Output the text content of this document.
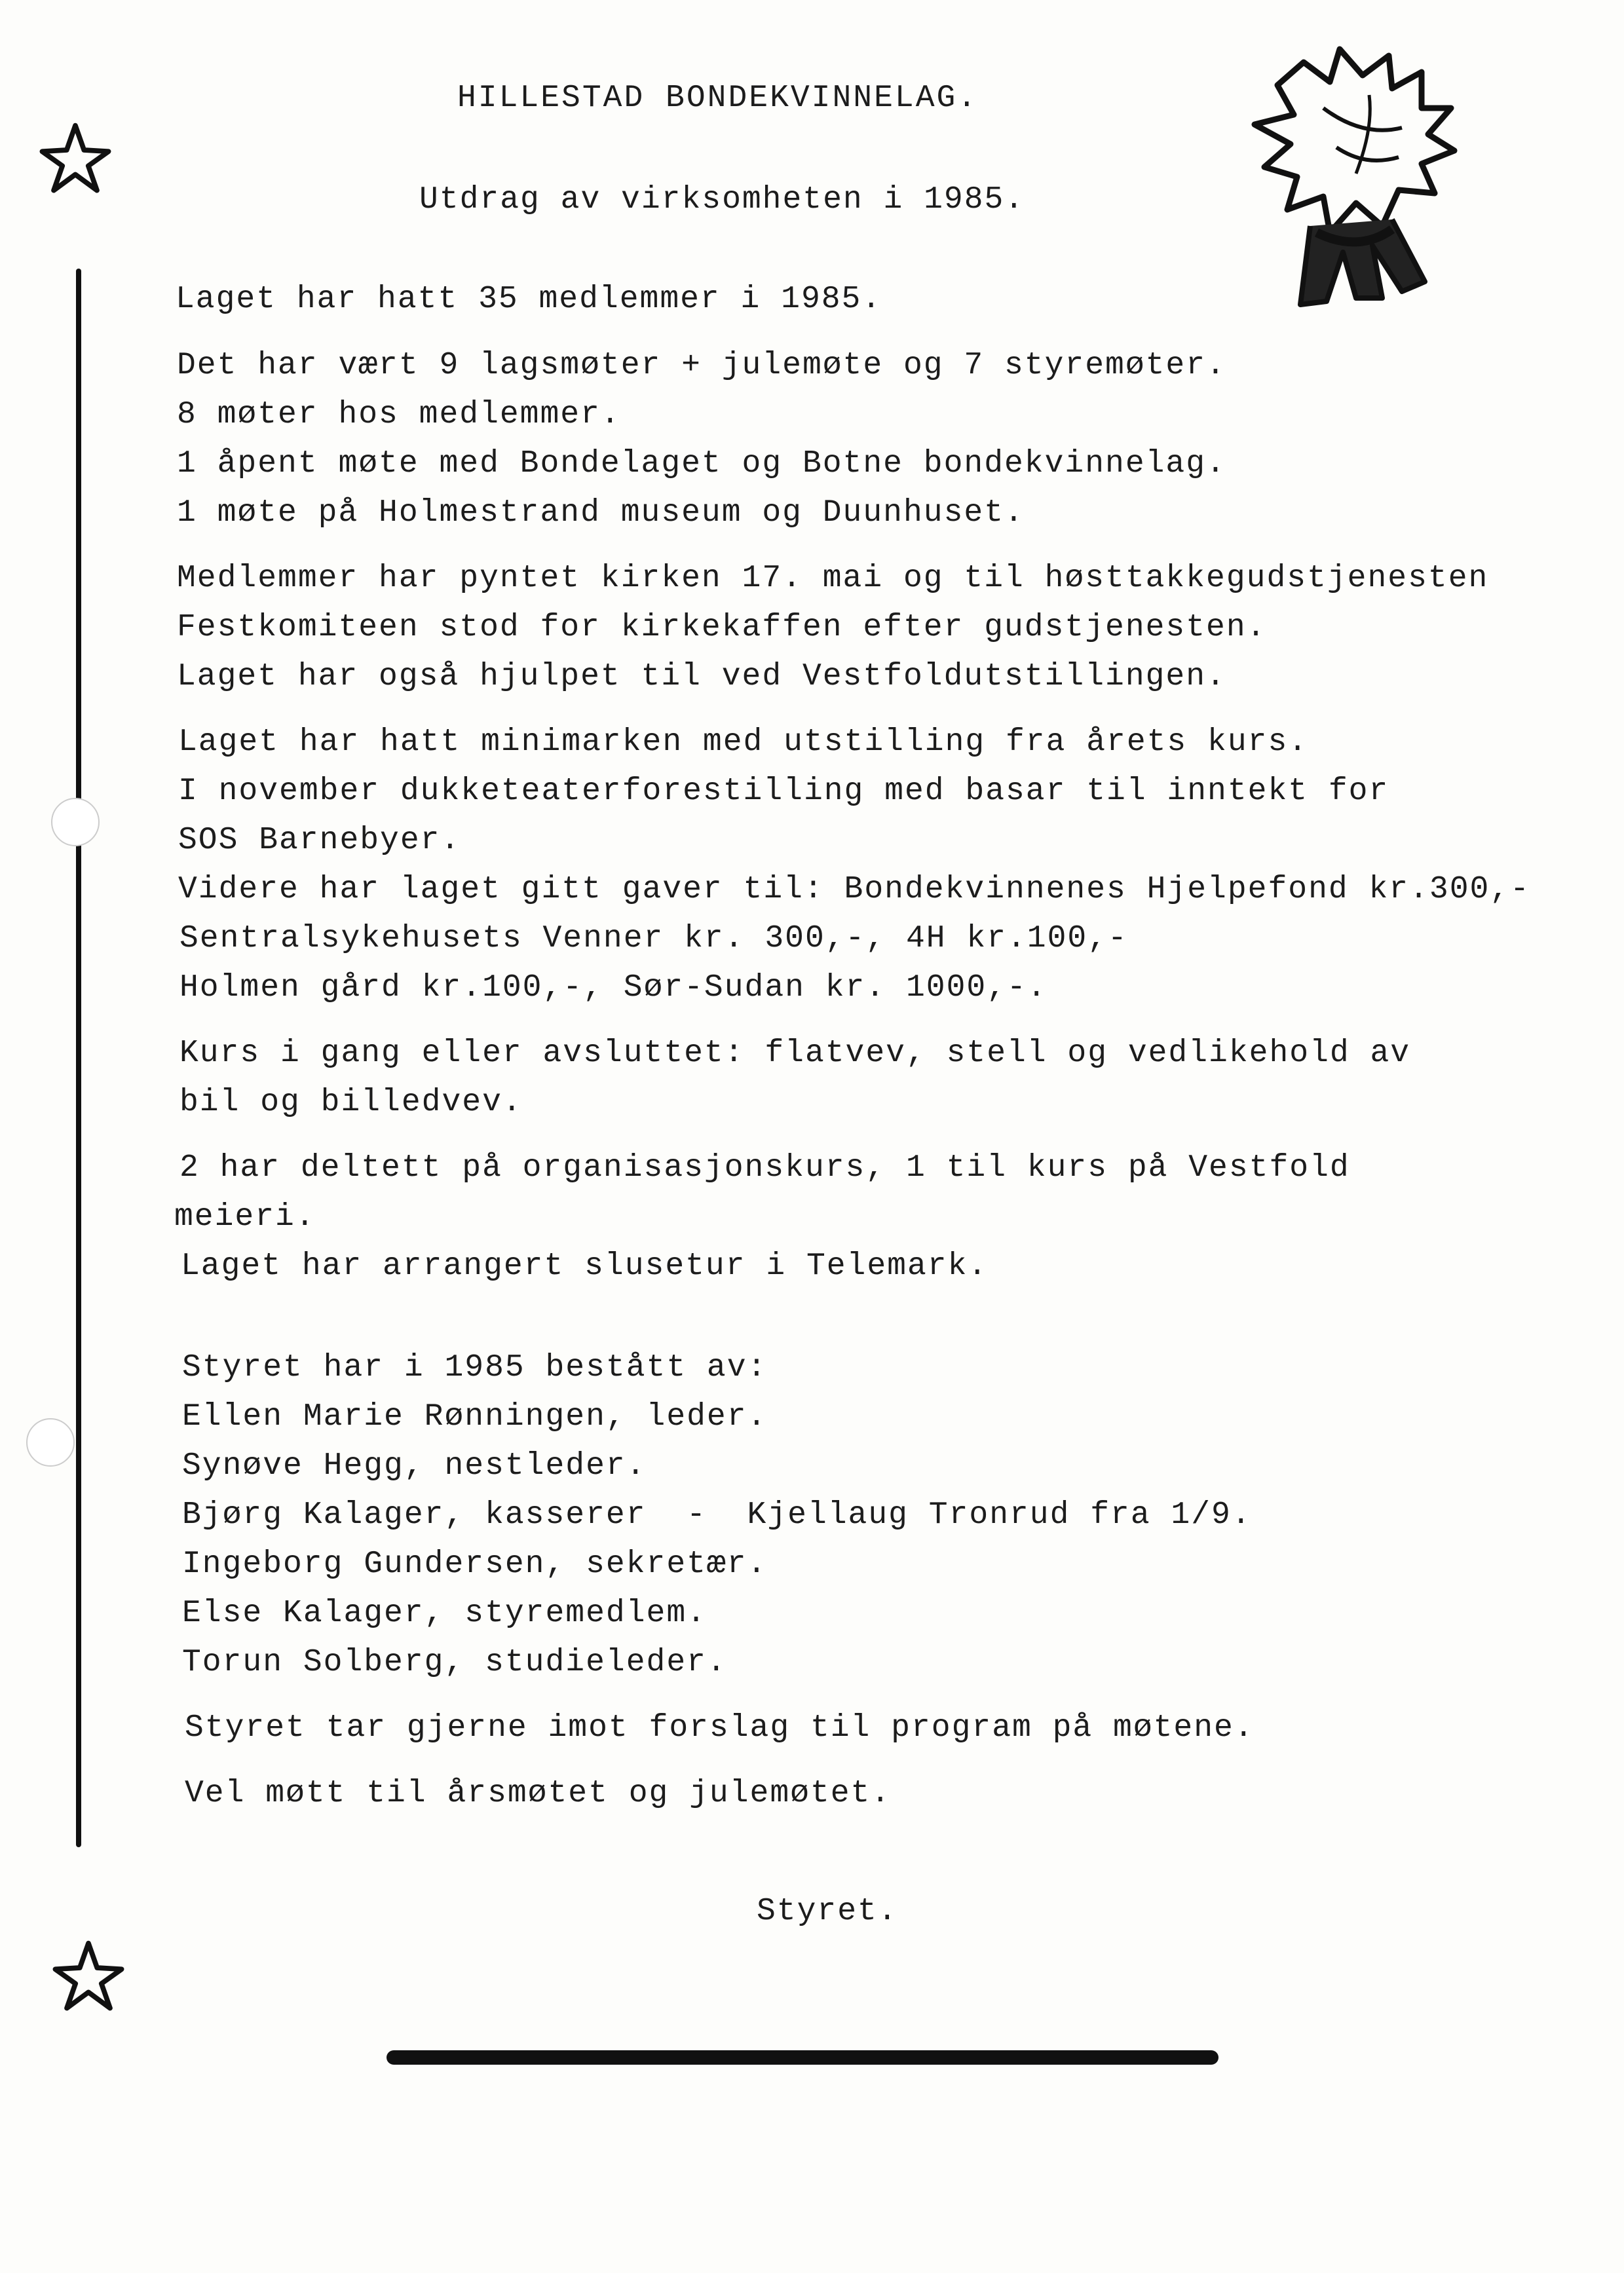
HILLESTAD BONDEKVINNELAG.
Utdrag av virksomheten i 1985.
Laget har hatt 35 medlemmer i 1985.
Det har vært 9 lagsmøter + julemøte og 7 styremøter.
8 møter hos medlemmer.
1 åpent møte med Bondelaget og Botne bondekvinnelag.
1 møte på Holmestrand museum og Duunhuset.
Medlemmer har pyntet kirken 17. mai og til høsttakkegudstjenesten
Festkomiteen stod for kirkekaffen efter gudstjenesten.
Laget har også hjulpet til ved Vestfoldutstillingen.
Laget har hatt minimarken med utstilling fra årets kurs.
I november dukketeaterforestilling med basar til inntekt for
SOS Barnebyer.
Videre har laget gitt gaver til: Bondekvinnenes Hjelpefond kr.300,-
Sentralsykehusets Venner kr. 300,-, 4H kr.100,-
Holmen gård kr.100,-, Sør-Sudan kr. 1000,-.
Kurs i gang eller avsluttet: flatvev, stell og vedlikehold av
bil og billedvev.
2 har deltett på organisasjonskurs, 1 til kurs på Vestfold
meieri.
Laget har arrangert slusetur i Telemark.
Styret har i 1985 bestått av:
Ellen Marie Rønningen, leder.
Synøve Hegg, nestleder.
Bjørg Kalager, kasserer  -  Kjellaug Tronrud fra 1/9.
Ingeborg Gundersen, sekretær.
Else Kalager, styremedlem.
Torun Solberg, studieleder.
Styret tar gjerne imot forslag til program på møtene.
Vel møtt til årsmøtet og julemøtet.
Styret.
